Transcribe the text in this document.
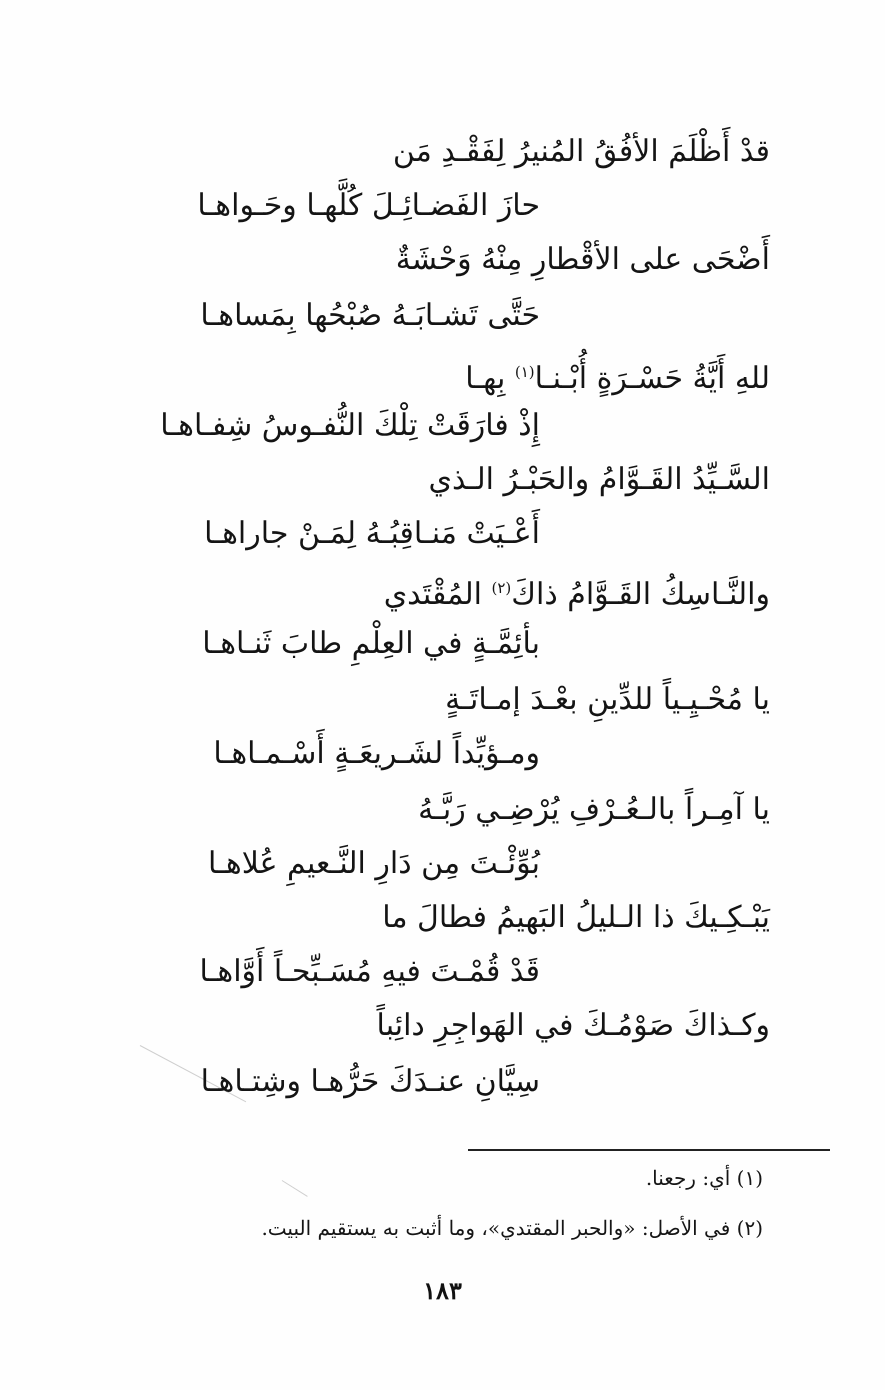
قدْ أَظْلَمَ الأفُقُ المُنيرُ لِفَقْـدِ مَن
حازَ الفَضـائِـلَ كُلَّهـا وحَـواهـا
أَضْحَى على الأقْطارِ مِنْهُ وَحْشَةٌ
حَتَّى تَشـابَـهُ صُبْحُها بِمَساهـا
للهِ أَيَّةُ حَسْـرَةٍ أُبْـنـا$^{(١)}$ بِهـا
إِذْ فارَقَتْ تِلْكَ النُّفـوسُ شِفـاهـا
السَّـيِّدُ القَـوَّامُ والحَبْـرُ الـذي
أَعْـيَتْ مَنـاقِبُـهُ لِمَـنْ جاراهـا
والنَّـاسِكُ القَـوَّامُ ذاكَ$^{(٢)}$ المُقْتَدي
بأئِمَّـةٍ في العِلْمِ طابَ ثَنـاهـا
يا مُحْـيِـياً للدِّينِ بعْـدَ إمـاتَـةٍ
ومـؤيِّداً لشَـريعَـةٍ أَسْـمـاهـا
يا آمِـراً بالـعُـرْفِ يُرْضِـي رَبَّـهُ
بُوِّئْـتَ مِن دَارِ النَّـعيمِ عُلاهـا
يَبْـكِـيكَ ذا الـليلُ البَهيمُ فطالَ ما
قَدْ قُمْـتَ فيهِ مُسَـبِّحـاً أَوَّاهـا
وكـذاكَ صَوْمُـكَ في الهَواجِرِ دائِباً
سِيَّانِ عنـدَكَ حَرُّهـا وشِتـاهـا
(١) أي: رجعنا.
(٢) في الأصل: «والحبر المقتدي»، وما أثبت به يستقيم البيت.
١٨٣
